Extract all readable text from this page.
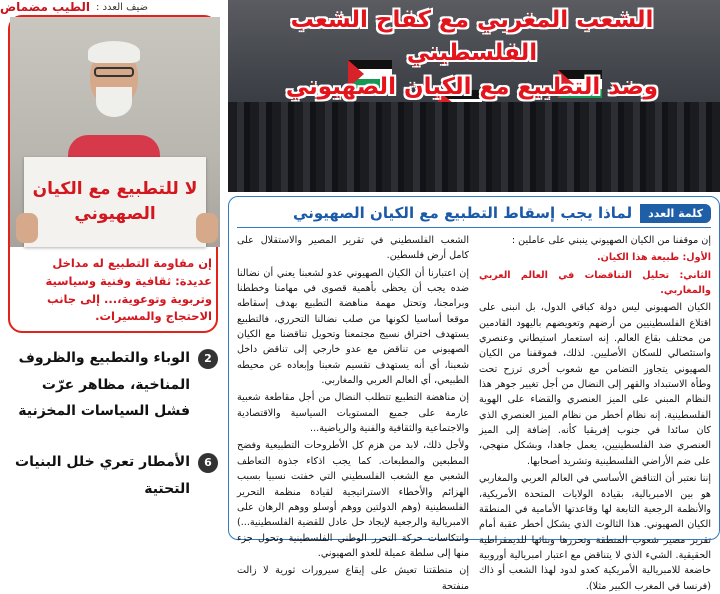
ضيف العدد :
الطيب مضماض
لا للتطبيع مع الكيان الصهيوني
إن مقاومة التطبيع له مداخل عديدة: ثقافية وفنية وسياسية وتربوية وتوعوية،... إلى جانب الاحتجاج والمسيرات.
2
الوباء والتطبيع والظروف المناخية، مظاهر عرّت فشل السياسات المخزنية
6
الأمطار تعري خلل البنيات التحتية
الشعب المغربي مع كفاح الشعب الفلسطيني
وضد التطبيع مع الكيان الصهيوني
كلمة العدد
لماذا يجب إسقاط التطبيع مع الكيان الصهيوني

إن موقفنا من الكيان الصهيوني ينبني على عاملين :

الأول: طبيعة هذا الكيان.

الثاني: تحليل التناقضات في العالم العربي والمغاربي.

الكيان الصهيوني ليس دولة كباقي الدول، بل انبنى على اقتلاع الفلسطينيين من أرضهم وتعويضهم باليهود القادمين من مختلف بقاع العالم. إنه استعمار استيطاني وعنصري واستئصالي للسكان الأصليين. لذلك، فموقفنا من الكيان الصهيوني يتجاوز التضامن مع شعوب أخرى ترزح تحت وطأة الاستبداد والقهر إلى النضال من أجل تغيير جوهر هذا النظام المبني على الميز العنصري والقضاء على الهوية الفلسطينية. إنه نظام أخطر من نظام الميز العنصري الذي كان سائدا في جنوب إفريقيا كأنه. إضافة إلى الميز العنصري ضد الفلسطينيين، يعمل جاهدا، وبشكل منهجي، على ضم الأراضي الفلسطينية وتشريد أصحابها.

إننا نعتبر أن التناقض الأساسي في العالم العربي والمغاربي هو بين الامبريالية، بقيادة الولايات المتحدة الأمريكية، والأنظمة الرجعية التابعة لها وقاعدتها الأمامية في المنطقة الكيان الصهيوني. هذا الثالوث الذي يشكل أخطر عقبة أمام تقرير مصير شعوب المنطقة وتحررها وبنائها للديمقراطية الحقيقية. الشيء الذي لا يتناقض مع اعتبار امبريالية أوروبية خاضعة للامبريالية الأمريكية كعدو لدود لهذا الشعب أو ذاك (فرنسا في المغرب الكبير مثلا).

الشعب الفلسطيني في تقرير المصير والاستقلال على كامل أرض فلسطين.

إن اعتبارنا أن الكيان الصهيوني عدو لشعبنا يعني أن نضالنا ضده يجب أن يحظى بأهمية قصوى في مهامنا وخططنا وبرامجنا، وتحتل مهمة مناهضة التطبيع بهدف إسقاطه موقعا أساسيا لكونها من صلب نضالنا التحرري، فالتطبيع يستهدف اختراق نسيج مجتمعنا وتحويل تناقضنا مع الكيان الصهيوني من تناقض مع عدو خارجي إلى تناقض داخل شعبنا، أي أنه يستهدف تقسيم شعبنا وإبعاده عن محيطه الطبيعي، أي العالم العربي والمغاربي.

إن مناهضة التطبيع تتطلب النضال من أجل مقاطعة شعبية عارمة على جميع المستويات السياسية والاقتصادية والاجتماعية والثقافية والفنية والرياضية...

ولأجل ذلك، لابد من هزم كل الأطروحات التطبيعية وفضح المطبعين والمطبعات. كما يجب اذكاء جذوة التعاطف الشعبي مع الشعب الفلسطيني التي خفتت نسبيا بسبب الهزائم والأخطاء الاستراتيجية لقيادة منظمة التحرير الفلسطينية (وهم الدولتين ووهم أوسلو ووهم الرهان على الامبريالية والرجعية لإيجاد حل عادل للقضية الفلسطينية...) وانتكاسات حركة التحرر الوطني الفلسطينية وتحول جزء منها إلى سلطة عميلة للعدو الصهيوني.

إن منطقتنا تعيش على إيقاع سيرورات ثورية لا زالت منفتحة
